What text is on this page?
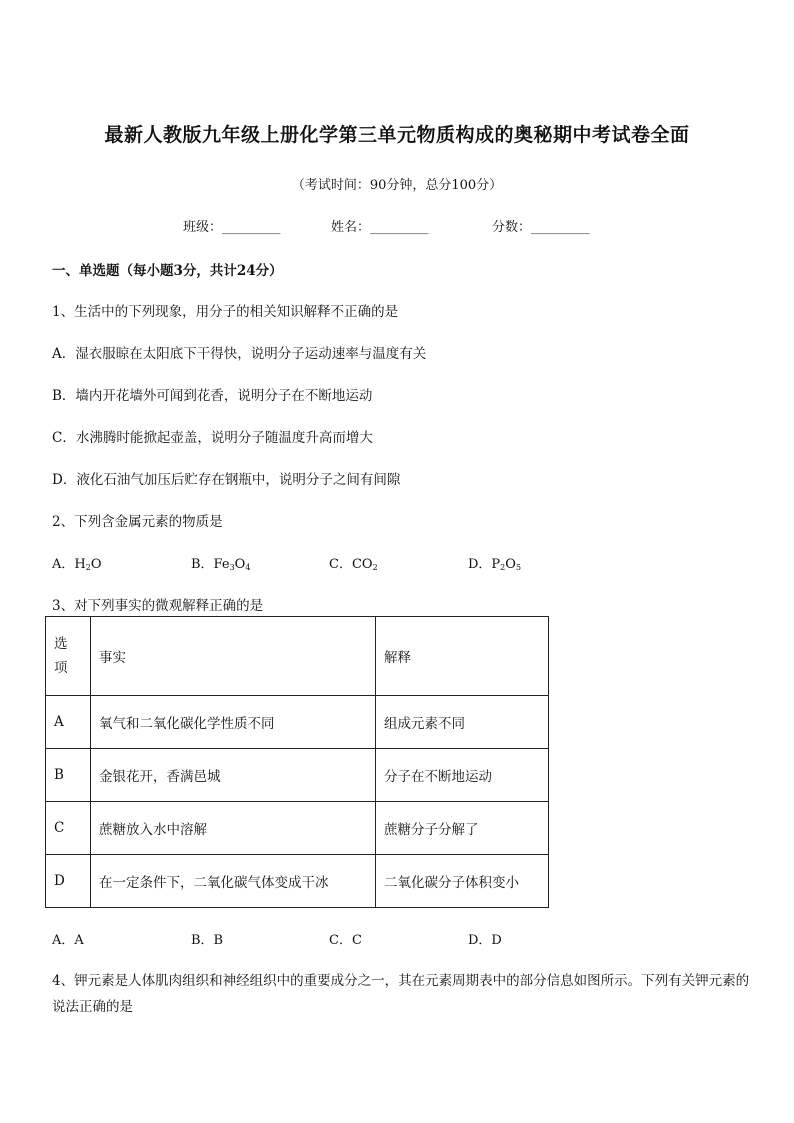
最新人教版九年级上册化学第三单元物质构成的奥秘期中考试卷全面
（考试时间：90分钟，总分100分）
班级：_________	姓名：_________	分数：_________
一、单选题（每小题3分，共计24分）
1、生活中的下列现象，用分子的相关知识解释不正确的是
A．湿衣服晾在太阳底下干得快，说明分子运动速率与温度有关
B．墙内开花墙外可闻到花香，说明分子在不断地运动
C．水沸腾时能掀起壶盖，说明分子随温度升高而增大
D．液化石油气加压后贮存在钢瓶中，说明分子之间有间隙
2、下列含金属元素的物质是
A．$H_2O$	B．$Fe_3O_4$	C．$CO_2$	D．$P_2O_5$
3、对下列事实的微观解释正确的是
选
项	事实	解释
A	氧气和二氧化碳化学性质不同	组成元素不同
B	金银花开，香满邑城	分子在不断地运动
C	蔗糖放入水中溶解	蔗糖分子分解了
D	在一定条件下，二氧化碳气体变成干冰	二氧化碳分子体积变小
A．A	B．B	C．C	D．D
4、钾元素是人体肌肉组织和神经组织中的重要成分之一，其在元素周期表中的部分信息如图所示。下列有关钾元素的说法正确的是
